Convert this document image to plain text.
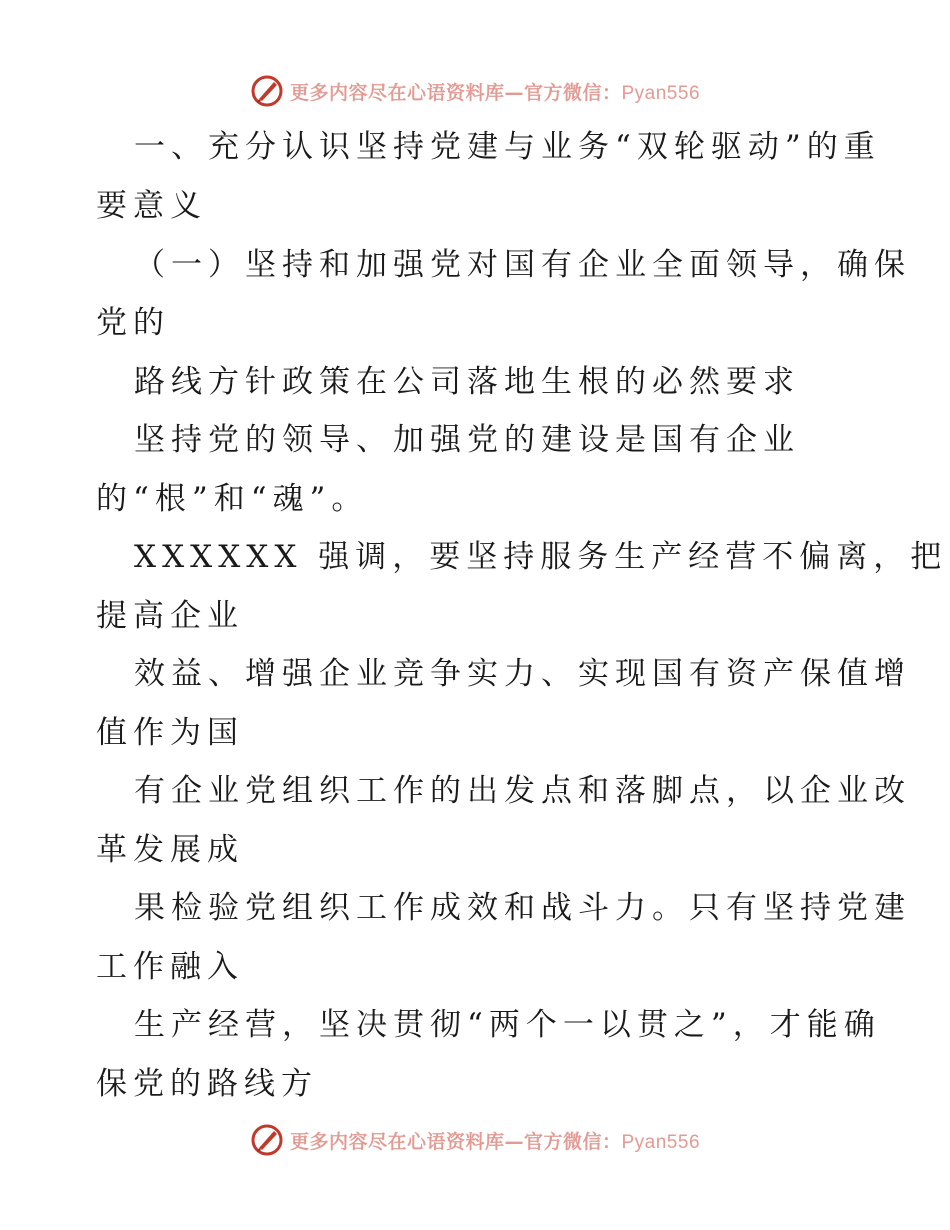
更多内容尽在心语资料库—官方微信：Pyan556
一、充分认识坚持党建与业务“双轮驱动”的重
要意义
（一）坚持和加强党对国有企业全面领导，确保
党的
路线方针政策在公司落地生根的必然要求
坚持党的领导、加强党的建设是国有企业
的“根”和“魂”。
XXXXXX 强调，要坚持服务生产经营不偏离，把
提高企业
效益、增强企业竞争实力、实现国有资产保值增
值作为国
有企业党组织工作的出发点和落脚点，以企业改
革发展成
果检验党组织工作成效和战斗力。只有坚持党建
工作融入
生产经营，坚决贯彻“两个一以贯之”，才能确
保党的路线方
更多内容尽在心语资料库—官方微信：Pyan556
